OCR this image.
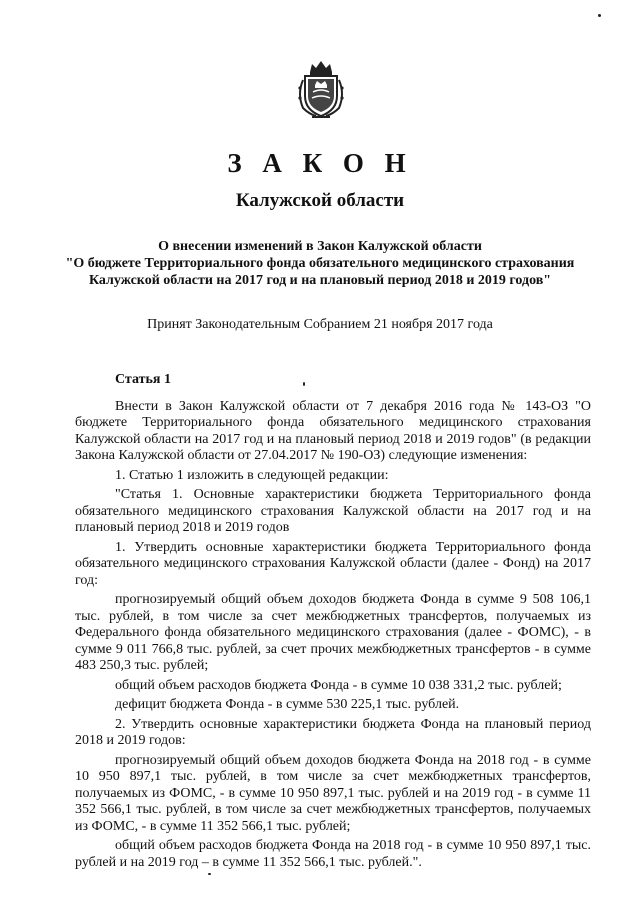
З А К О Н
Калужской области
О внесении изменений в Закон Калужской области
"О бюджете Территориального фонда обязательного медицинского страхования
Калужской области на 2017 год и на плановый период 2018 и 2019 годов"
Принят Законодательным Собранием 21 ноября 2017 года

Статья 1

Внести в Закон Калужской области от 7 декабря 2016 года № 143-ОЗ "О бюджете Территориального фонда обязательного медицинского страхования Калужской области на 2017 год и на плановый период 2018 и 2019 годов" (в редакции Закона Калужской области от 27.04.2017 № 190-ОЗ) следующие изменения:

1. Статью 1 изложить в следующей редакции:

"Статья 1. Основные характеристики бюджета Территориального фонда обязательного медицинского страхования Калужской области на 2017 год и на плановый период 2018 и 2019 годов

1. Утвердить основные характеристики бюджета Территориального фонда обязательного медицинского страхования Калужской области (далее - Фонд) на 2017 год:

прогнозируемый общий объем доходов бюджета Фонда в сумме 9 508 106,1 тыс. рублей, в том числе за счет межбюджетных трансфертов, получаемых из Федерального фонда обязательного медицинского страхования (далее - ФОМС), - в сумме 9 011 766,8 тыс. рублей, за счет прочих межбюджетных трансфертов - в сумме 483 250,3 тыс. рублей;

общий объем расходов бюджета Фонда - в сумме 10 038 331,2 тыс. рублей;

дефицит бюджета Фонда - в сумме 530 225,1 тыс. рублей.

2. Утвердить основные характеристики бюджета Фонда на плановый период 2018 и 2019 годов:

прогнозируемый общий объем доходов бюджета Фонда на 2018 год - в сумме 10 950 897,1 тыс. рублей, в том числе за счет межбюджетных трансфертов, получаемых из ФОМС, - в сумме 10 950 897,1 тыс. рублей и на 2019 год - в сумме 11 352 566,1 тыс. рублей, в том числе за счет межбюджетных трансфертов, получаемых из ФОМС, - в сумме 11 352 566,1 тыс. рублей;

общий объем расходов бюджета Фонда на 2018 год - в сумме 10 950 897,1 тыс. рублей и на 2019 год – в сумме 11 352 566,1 тыс. рублей.".
